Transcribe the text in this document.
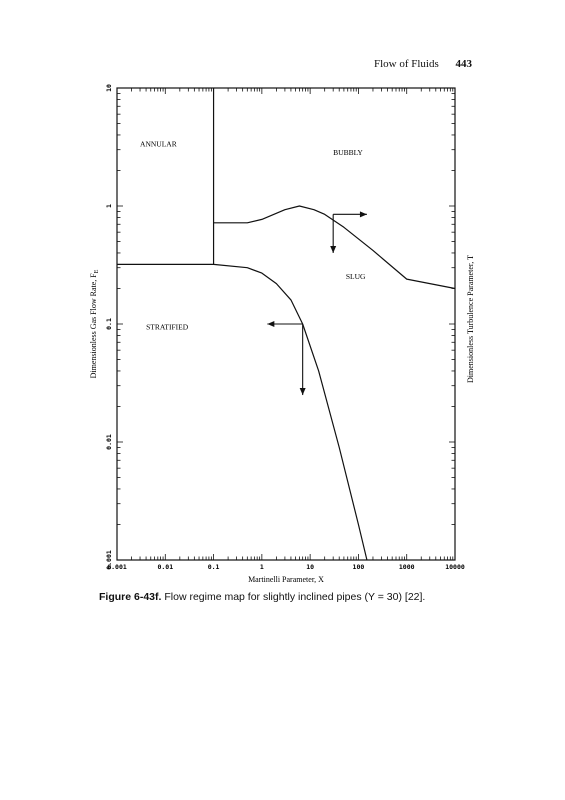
Flow of Fluids 443
0.001	0.01	0.1	1	10	100	1000	10000
0.001
0.01
0.1
1
10
ANNULAR
BUBBLY
SLUG
STRATIFIED
Martinelli Parameter, X
Dimensionless Gas Flow Rate, $F_E$	Dimensionless Turbulence Parameter, T
Figure 6-43f. Flow regime map for slightly inclined pipes (Y = 30) [22].
